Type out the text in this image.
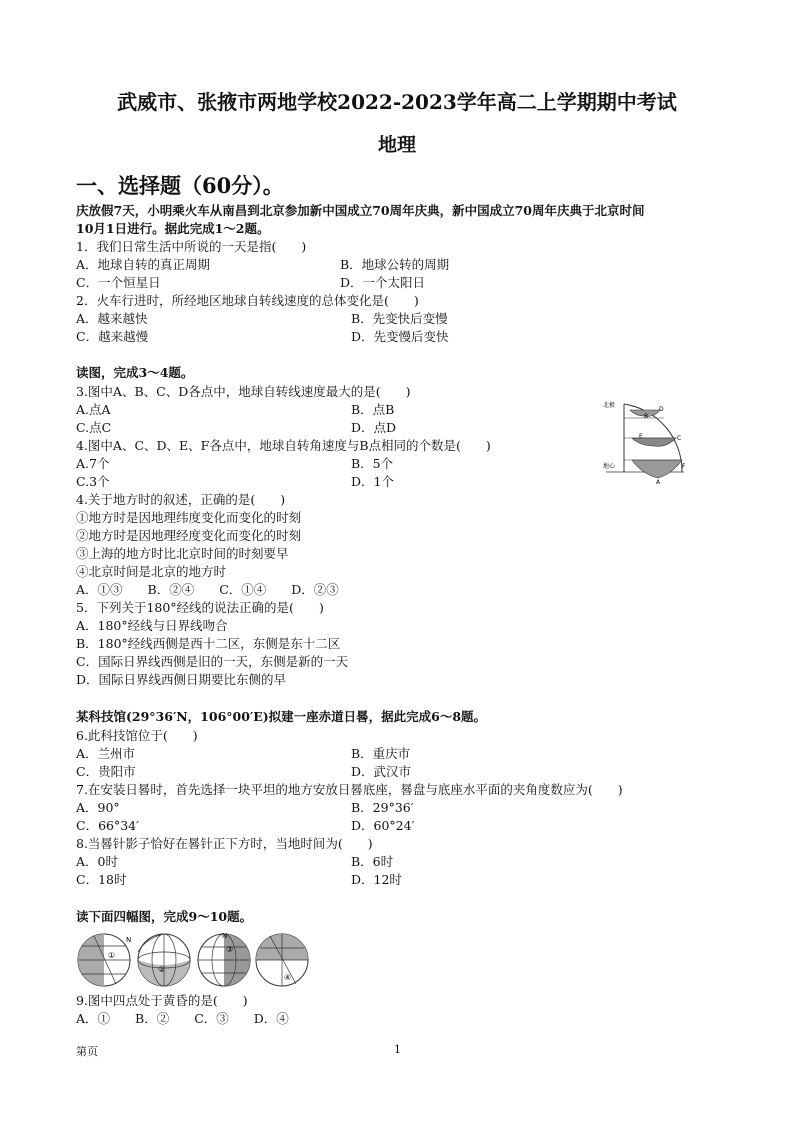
武威市、张掖市两地学校2022-2023学年高二上学期期中考试
地理
一、选择题（60分）。
庆放假7天，小明乘火车从南昌到北京参加新中国成立70周年庆典，新中国成立70周年庆典于北京时间
10月1日进行。据此完成1～2题。
1．我们日常生活中所说的一天是指(　　)
A．地球自转的真正周期	B．地球公转的周期
C．一个恒星日	D．一个太阳日
2．火车行进时，所经地区地球自转线速度的总体变化是(　　)
A．越来越快	B．先变快后变慢
C．越来越慢	D．先变慢后变快
读图，完成3～4题。
3.图中A、B、C、D各点中，地球自转线速度最大的是(　　)
A.点A	B．点B
C.点C	D．点D
4.图中A、C、D、E、F各点中，地球自转角速度与B点相同的个数是(　　)
A.7个	B．5个
C.3个	D．1个
北极
地心
D
B
C
E
F
A
4.关于地方时的叙述，正确的是(　　)
①地方时是因地理纬度变化而变化的时刻
②地方时是因地理经度变化而变化的时刻
③上海的地方时比北京时间的时刻要早
④北京时间是北京的地方时
A．①③　　B．②④　　C．①④　　D．②③
5．下列关于180°经线的说法正确的是(　　)
A．180°经线与日界线吻合
B．180°经线西侧是西十二区，东侧是东十二区
C．国际日界线西侧是旧的一天，东侧是新的一天
D．国际日界线西侧日期要比东侧的早
某科技馆(29°36′N，106°00′E)拟建一座赤道日晷，据此完成6～8题。
6.此科技馆位于(　　)
A．兰州市	B．重庆市
C．贵阳市	D．武汉市
7.在安装日晷时，首先选择一块平坦的地方安放日晷底座，晷盘与底座水平面的夹角度数应为(　　)
A．90°	B．29°36′
C．66°34′	D．60°24′
8.当晷针影子恰好在晷针正下方时，当地时间为(　　)
A．0时	B．6时
C．18时	D．12时
读下面四幅图，完成9～10题。
①
N
②
③
N
④
9.图中四点处于黄昏的是(　　)
A．①　　B．②　　C．③　　D．④
第页	1
